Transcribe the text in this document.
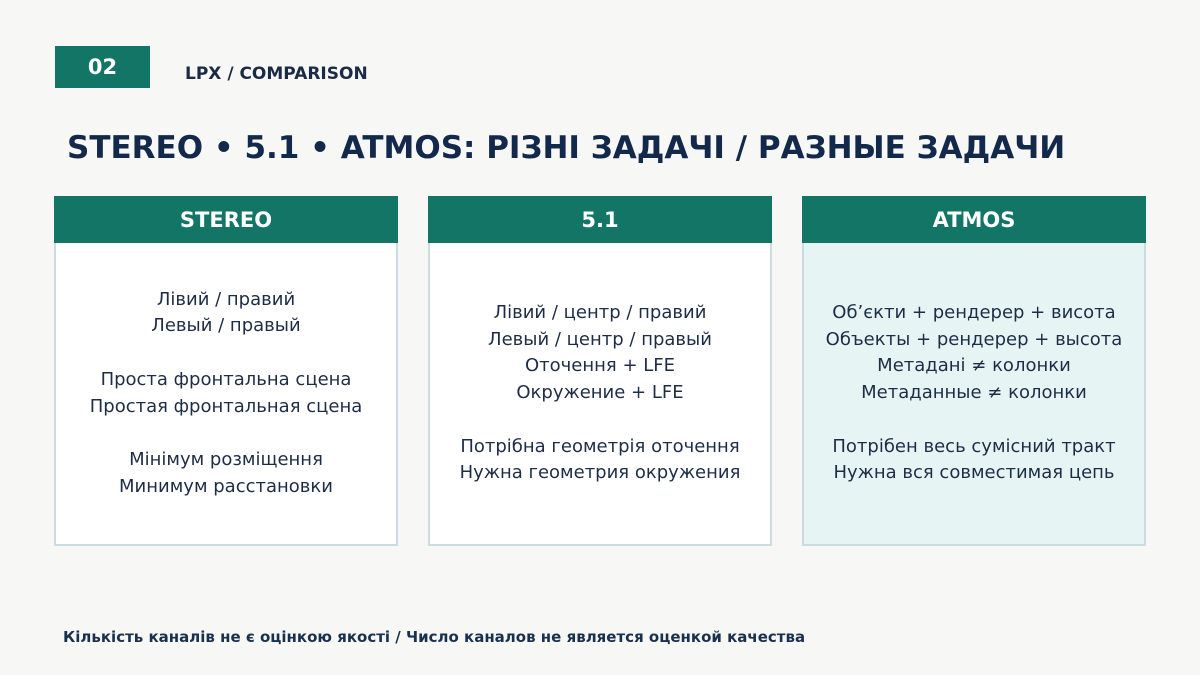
02	LPX / COMPARISON
STEREO • 5.1 • ATMOS: РІЗНІ ЗАДАЧІ / РАЗНЫЕ ЗАДАЧИ
STEREO
Лівий / правий
Левый / правый
Проста фронтальна сцена
Простая фронтальная сцена
Мінімум розміщення
Минимум расстановки
5.1
Лівий / центр / правий
Левый / центр / правый
Оточення + LFE
Окружение + LFE
Потрібна геометрія оточення
Нужна геометрия окружения
ATMOS
Об’єкти + рендерер + висота
Объекты + рендерер + высота
Метадані ≠ колонки
Метаданные ≠ колонки
Потрібен весь сумісний тракт
Нужна вся совместимая цепь
Кількість каналів не є оцінкою якості / Число каналов не является оценкой качества
